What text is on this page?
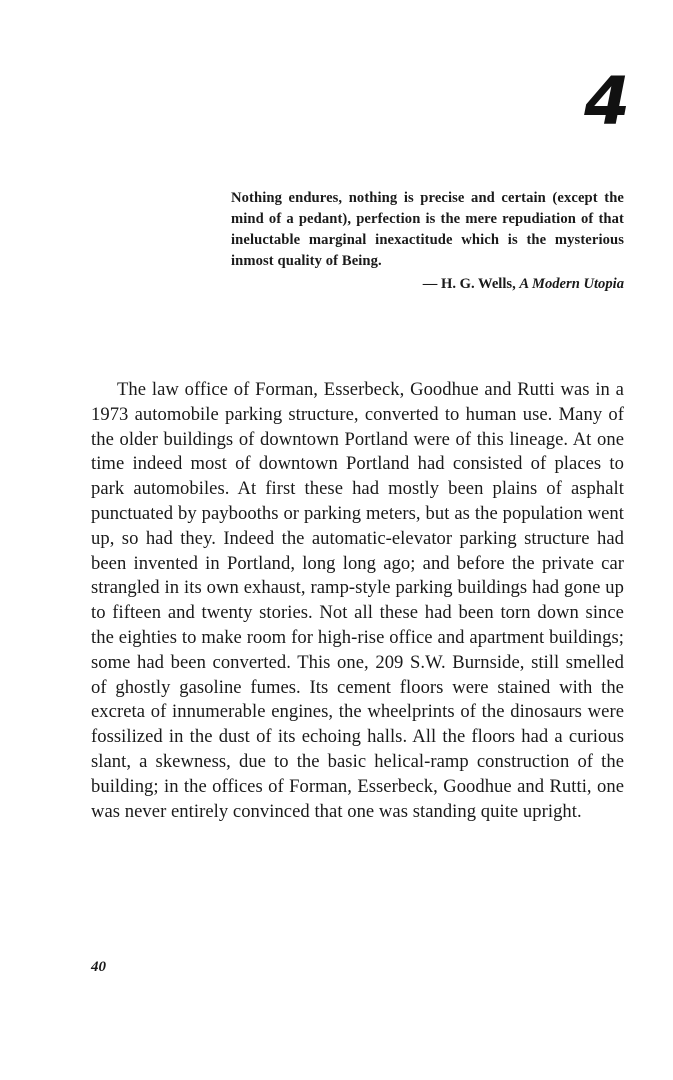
4

Nothing endures, nothing is precise and certain (except the mind of a pedant), perfection is the mere repudiation of that ineluctable marginal inexactitude which is the mysterious inmost quality of Being.

— H. G. Wells, A Modern Utopia

The law office of Forman, Esserbeck, Goodhue and Rutti was in a 1973 automobile parking structure, converted to human use. Many of the older buildings of downtown Portland were of this lineage. At one time indeed most of downtown Portland had consisted of places to park automobiles. At first these had mostly been plains of asphalt punctuated by paybooths or parking meters, but as the population went up, so had they. Indeed the automatic-elevator parking structure had been invented in Portland, long long ago; and before the private car strangled in its own exhaust, ramp-style parking buildings had gone up to fifteen and twenty stories. Not all these had been torn down since the eighties to make room for high-rise office and apartment buildings; some had been converted. This one, 209 S.W. Burnside, still smelled of ghostly gasoline fumes. Its cement floors were stained with the excreta of innumerable engines, the wheelprints of the dinosaurs were fossilized in the dust of its echoing halls. All the floors had a curious slant, a skewness, due to the basic helical-ramp construction of the building; in the offices of Forman, Esserbeck, Goodhue and Rutti, one was never entirely convinced that one was standing quite upright.

40
